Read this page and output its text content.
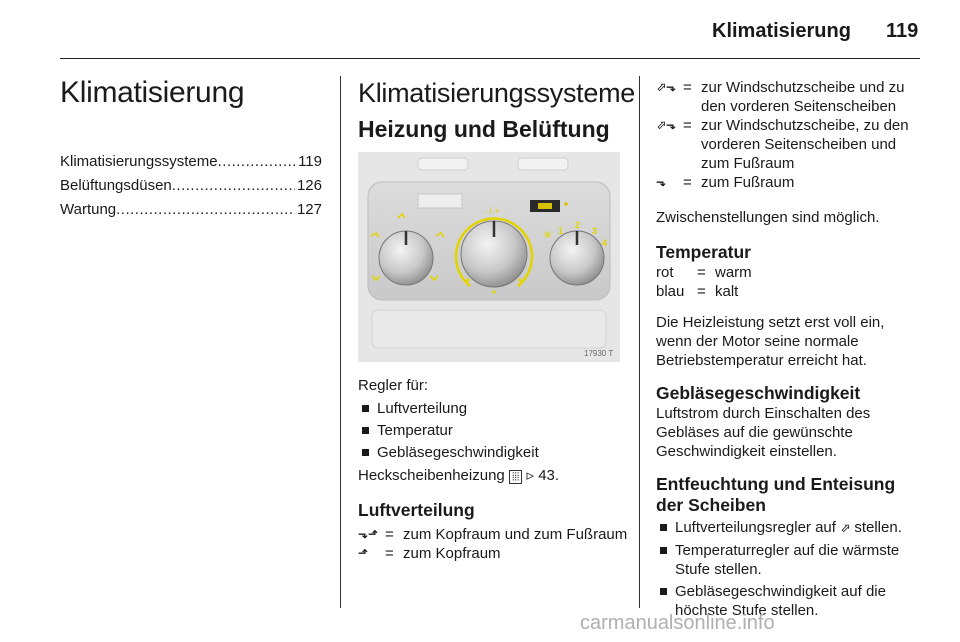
Klimatisierung 119
Klimatisierung
Klimatisierungssysteme .....	119
Belüftungsdüsen .....	126
Wartung .....	127
Klimatisierungssysteme
Heizung und Belüftung
- ǀ +
✻ 1
2
3
4
17930 T

Regler für:

Luftverteilung
Temperatur
Gebläsegeschwindigkeit

Heckscheibenheizung ⦙⦙⦙ ▹ 43.

Luftverteilung
⬎⬏ = zum Kopfraum und zum Fußraum
⬏	= zum Kopfraum
⬀⬎ = zur Windschutzscheibe und zu den vorderen Seitenscheiben
⬀⬎ = zur Windschutzscheibe, zu den vorderen Seitenscheiben und zum Fußraum
⬎	= zum Fußraum

Zwischenstellungen sind möglich.

Temperatur
rot	= warm
blau = kalt

Die Heizleistung setzt erst voll ein, wenn der Motor seine normale Betriebstemperatur erreicht hat.

Gebläsegeschwindigkeit

Luftstrom durch Einschalten des Gebläses auf die gewünschte Geschwindigkeit einstellen.

Entfeuchtung und Enteisung der Scheiben
Luftverteilungsregler auf ⬀ stellen.
Temperaturregler auf die wärmste Stufe stellen.
Gebläsegeschwindigkeit auf die höchste Stufe stellen.
carmanualsonline.info
